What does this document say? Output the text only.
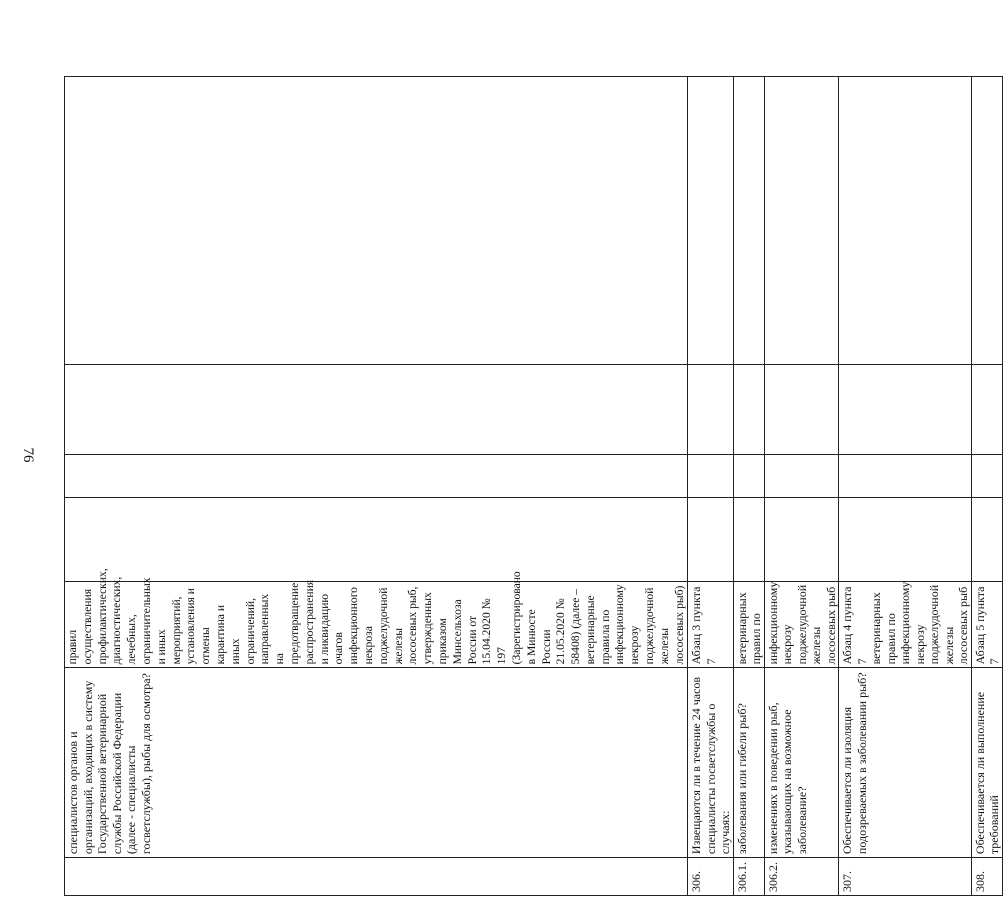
76
	специалистов органов и организаций, входящих в систему Государственной ветеринарной службы Российской Федерации (далее - специалисты госветслужбы), рыбы для осмотра?	правил осуществления профилактических, диагностических, лечебных, ограничительных и иных мероприятий, установления и отмены карантина и иных ограничений, направленных на предотвращение распространения и ликвидацию очагов инфекционного некроза поджелудочной железы лососевых рыб, утвержденных приказом Минсельхоза России от 15.04.2020 № 197 (Зарегистрировано в Минюсте России 21.05.2020 № 58408) (далее – ветеринарные правила по инфекционному некрозу поджелудочной железы лососевых рыб)				
306.	Извещаются ли в течение 24 часов специалисты госветслужбы о случаях:	Абзац 3 пункта 7				
306.1.	заболевания или гибели рыб?	ветеринарных правил по				
306.2.	изменениях в поведении рыб, указывающих на возможное заболевание?	инфекционному некрозу поджелудочной железы лососевых рыб				
307.	Обеспечивается ли изоляция подозреваемых в заболевании рыб?	Абзац 4 пункта 7 ветеринарных правил по инфекционному некрозу поджелудочной железы лососевых рыб				
308.	Обеспечивается ли выполнение требований	Абзац 5 пункта 7				
